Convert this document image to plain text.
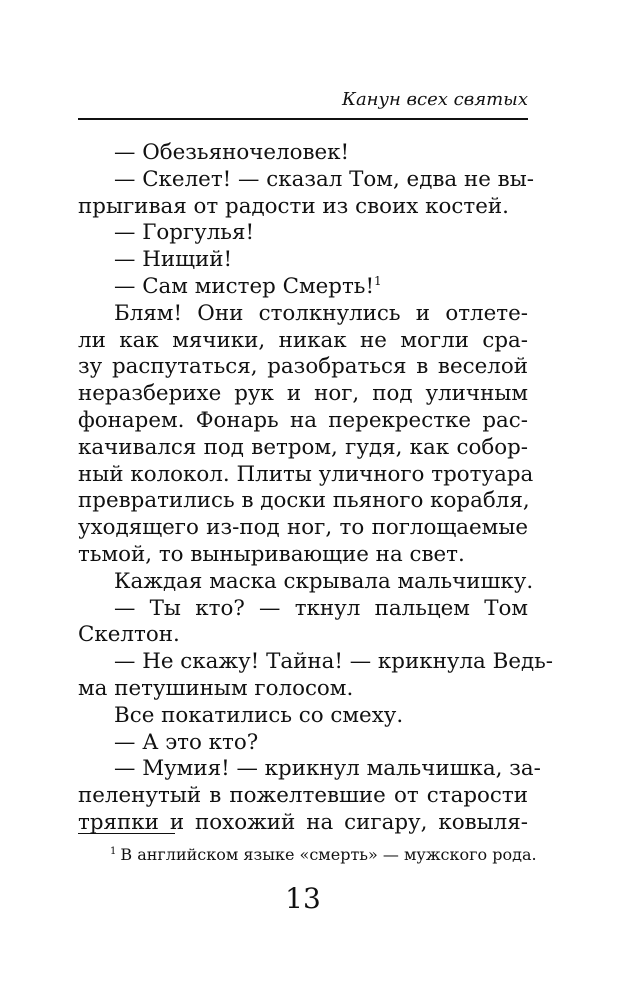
Канун всех святых
— Обезьяночеловек!
— Скелет! — сказал Том, едва не вы-
прыгивая от радости из своих костей.
— Горгулья!
— Нищий!
— Сам мистер Смерть!$^1$
Блям! Они столкнулись и отлете-
ли как мячики, никак не могли сра-
зу распутаться, разобраться в веселой
неразберихе рук и ног, под уличным
фонарем. Фонарь на перекрестке рас-
качивался под ветром, гудя, как собор-
ный колокол. Плиты уличного тротуара
превратились в доски пьяного корабля,
уходящего из-под ног, то поглощаемые
тьмой, то выныривающие на свет.
Каждая маска скрывала мальчишку.
— Ты кто? — ткнул пальцем Том
Скелтон.
— Не скажу! Тайна! — крикнула Ведь-
ма петушиным голосом.
Все покатились со смеху.
— А это кто?
— Мумия! — крикнул мальчишка, за-
пеленутый в пожелтевшие от старости
тряпки и похожий на сигару, ковыля-
$^1$ В английском языке «смерть» — мужского рода.
13
